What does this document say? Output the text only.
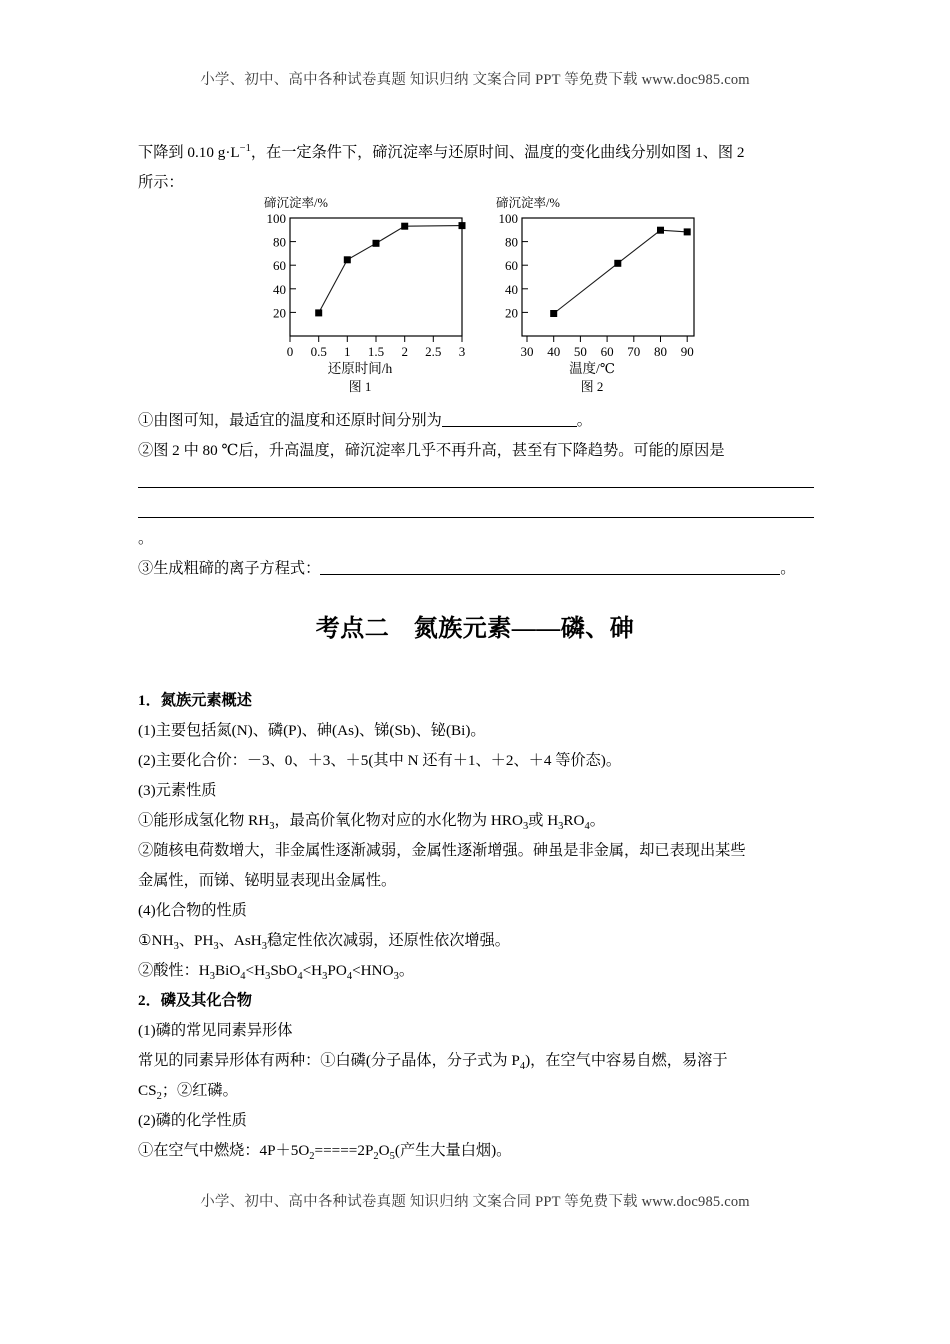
小学、初中、高中各种试卷真题 知识归纳 文案合同 PPT 等免费下载 www.doc985.com

下降到 0.10 $g\cdot L^{-1}$，在一定条件下，碲沉淀率与还原时间、温度的变化曲线分别如图 1、图 2

所示：

碲沉淀率/%
100
80
60
40
20
0 0.5 1 1.5 2 2.5 3
还原时间/h
图 1
碲沉淀率/%
100
80
60
40
20
30 40 50 60 70 80 90
温度/℃
图 2

①由图可知，最适宜的温度和还原时间分别为	。

②图 2 中 80 ℃后，升高温度，碲沉淀率几乎不再升高，甚至有下降趋势。可能的原因是

。

③生成粗碲的离子方程式：	。

考点二　氮族元素——磷、砷

1．氮族元素概述

(1)主要包括氮(N)、磷(P)、砷(As)、锑(Sb)、铋(Bi)。

(2)主要化合价：－3、0、＋3、＋5(其中 N 还有＋1、＋2、＋4 等价态)。

(3)元素性质

①能形成氢化物 $RH_3$，最高价氧化物对应的水化物为 $HRO_3$或 $H_3RO_4$。

②随核电荷数增大，非金属性逐渐减弱，金属性逐渐增强。砷虽是非金属，却已表现出某些

金属性，而锑、铋明显表现出金属性。

(4)化合物的性质

$①NH_3$、$PH_3$、AsH$_3$稳定性依次减弱，还原性依次增强。

②酸性：$H_3BiO_4<H_3SbO_4<H_3PO_4<HNO_3$。

2．磷及其化合物

(1)磷的常见同素异形体

常见的同素异形体有两种：①白磷(分子晶体，分子式为 $P_4$)，在空气中容易自燃，易溶于

$CS_2$；②红磷。

(2)磷的化学性质

①在空气中燃烧：$4P+5O_2=====2P_2O_5$(产生大量白烟)。

小学、初中、高中各种试卷真题 知识归纳 文案合同 PPT 等免费下载 www.doc985.com
